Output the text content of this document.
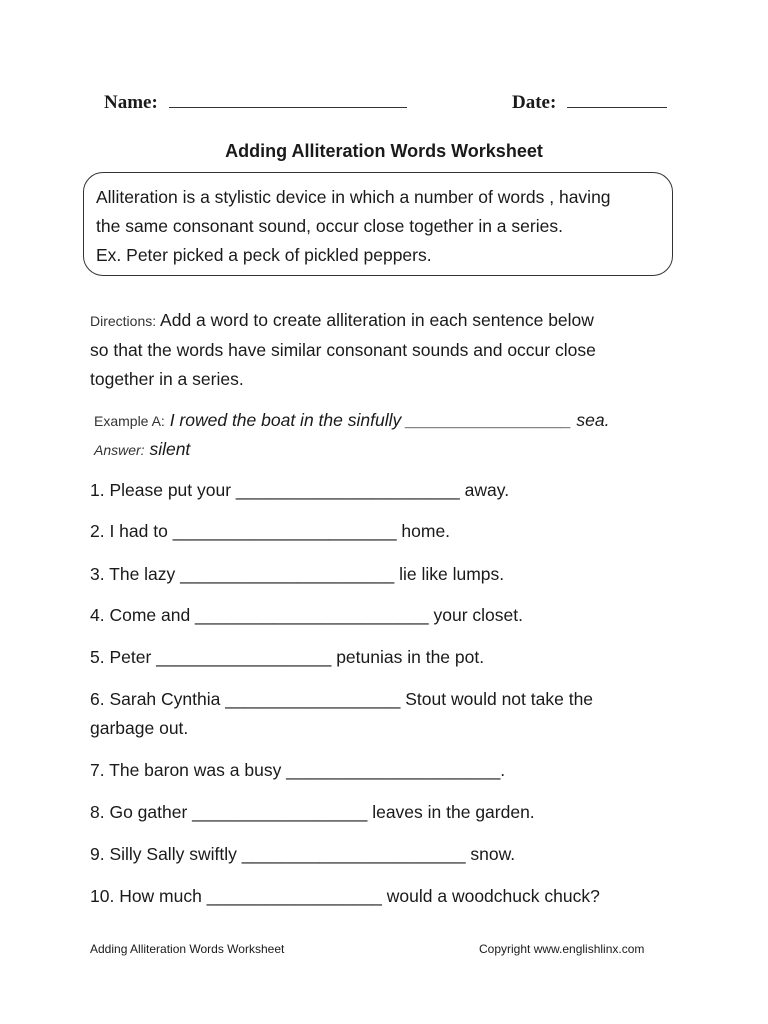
Name:	Date:
Adding Alliteration Words Worksheet
Alliteration is a stylistic device in which a number of words , having
the same consonant sound, occur close together in a series.
Ex. Peter picked a peck of pickled peppers.
Directions: Add a word to create alliteration in each sentence below
so that the words have similar consonant sounds and occur close
together in a series.
Example A: I rowed the boat in the sinfully _________________ sea.
Answer: silent
1. Please put your _______________________ away.
2. I had to _______________________ home.
3. The lazy ______________________ lie like lumps.
4. Come and ________________________ your closet.
5. Peter __________________ petunias in the pot.
6. Sarah Cynthia __________________ Stout would not take the
garbage out.
7. The baron was a busy ______________________.
8. Go gather __________________ leaves in the garden.
9. Silly Sally swiftly _______________________ snow.
10. How much __________________ would a woodchuck chuck?
Adding Alliteration Words Worksheet	Copyright www.englishlinx.com
